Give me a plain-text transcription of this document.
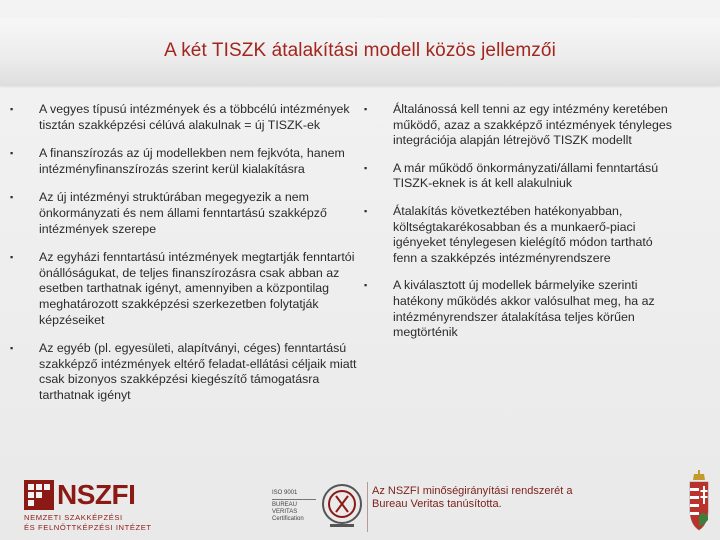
A két TISZK átalakítási modell közös jellemzői
▪ A vegyes típusú intézmények és a többcélú intézmények tisztán szakképzési célúvá alakulnak = új TISZK-ek
▪ A finanszírozás az új modellekben nem fejkvóta, hanem intézményfinanszírozás szerint kerül kialakításra
▪ Az új intézményi struktúrában megegyezik a nem önkormányzati és nem állami fenntartású szakképző intézmények szerepe
▪ Az egyházi fenntartású intézmények megtartják fenntartói önállóságukat, de teljes finanszírozásra csak abban az esetben tarthatnak igényt, amennyiben a központilag meghatározott szakképzési szerkezetben folytatják képzéseiket
▪ Az egyéb (pl. egyesületi, alapítványi, céges) fenntartású szakképző intézmények eltérő feladat-ellátási céljaik miatt csak bizonyos szakképzési kiegészítő támogatásra tarthatnak igényt
▪ Általánossá kell tenni az egy intézmény keretében működő, azaz a szakképző intézmények tényleges integrációja alapján létrejövő TISZK modellt
▪ A már működő önkormányzati/állami fenntartású TISZK-eknek is át kell alakulniuk
▪ Átalakítás következtében hatékonyabban, költségtakarékosabban és a munkaerő-piaci igényeket ténylegesen kielégítő módon tartható fenn a szakképzés intézményrendszere
▪ A kiválasztott új modellek bármelyike szerinti hatékony működés akkor valósulhat meg, ha az intézményrendszer átalakítása teljes körűen megtörténik
NSZFI
NEMZETI SZAKKÉPZÉSI
ÉS FELNŐTTKÉPZÉSI INTÉZET
ISO 9001
BUREAU VERITAS
Certification
Az NSZFI minőségirányítási rendszerét a Bureau Veritas tanúsította.
